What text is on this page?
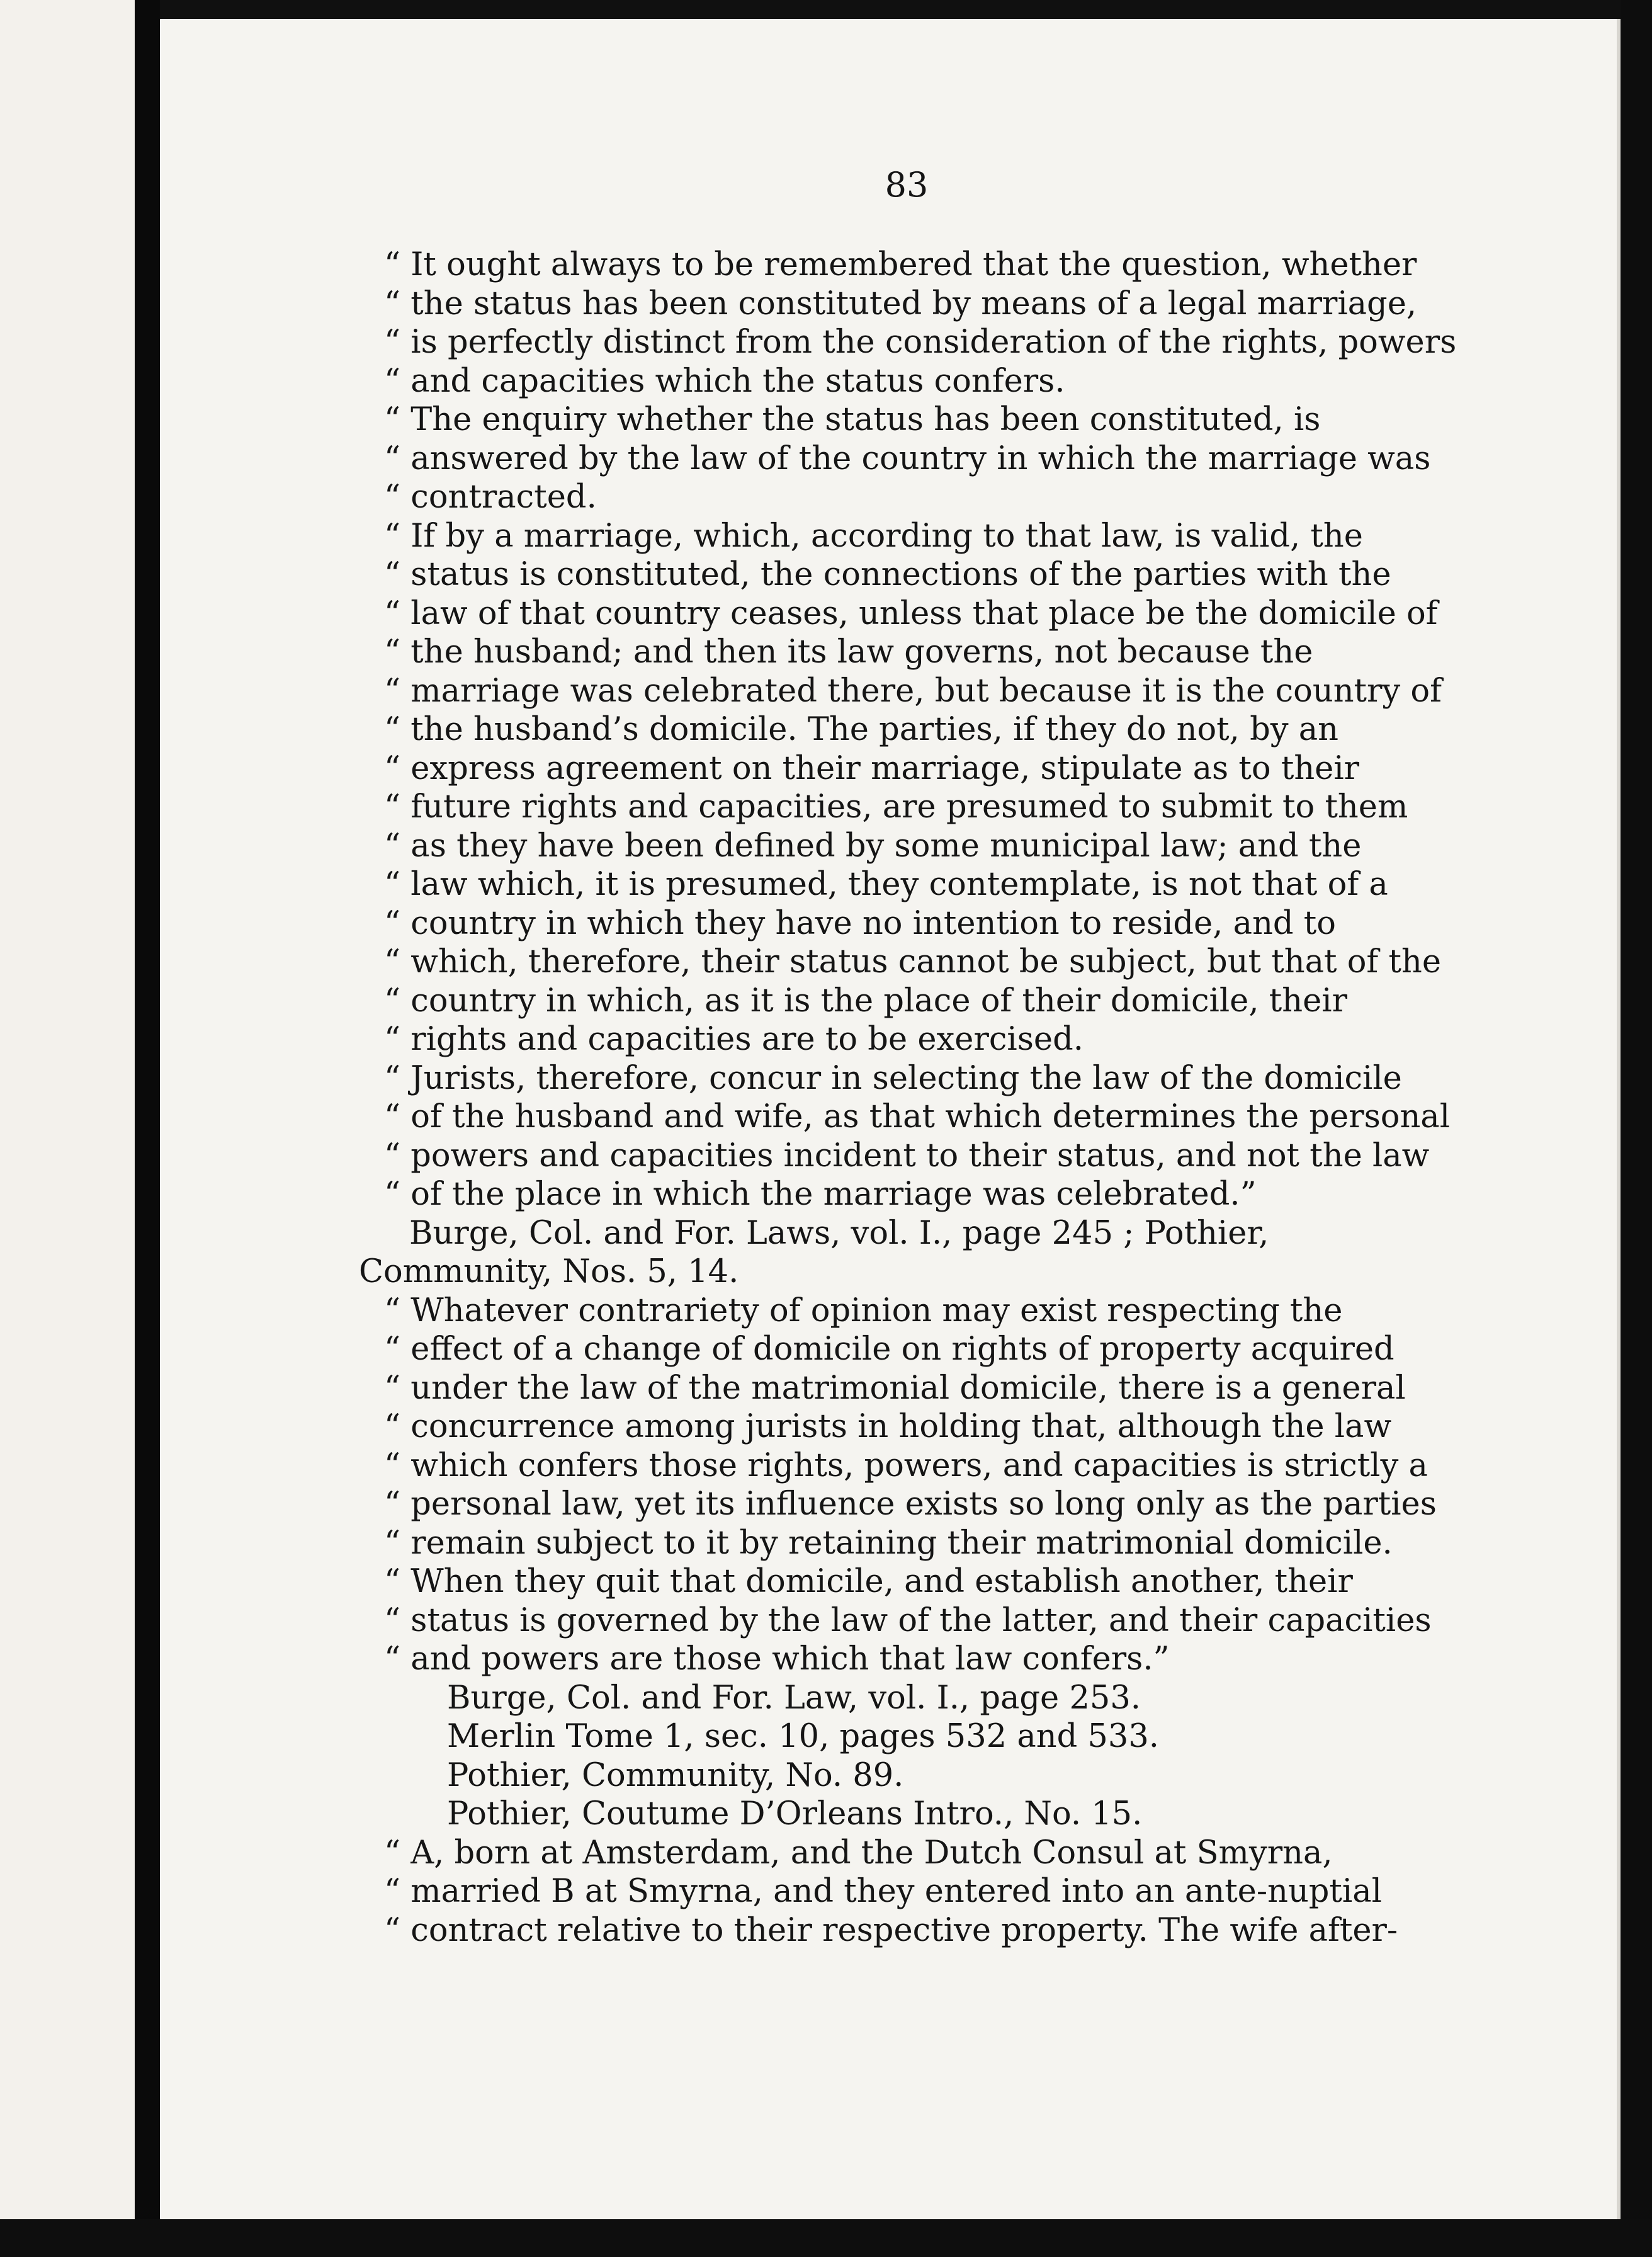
83
“ It ought always to be remembered that the question, whether
“ the status has been constituted by means of a legal marriage,
“ is perfectly distinct from the consideration of the rights, powers
“ and capacities which the status confers.
“ The enquiry whether the status has been constituted, is
“ answered by the law of the country in which the marriage was
“ contracted.
“ If by a marriage, which, according to that law, is valid, the
“ status is constituted, the connections of the parties with the
“ law of that country ceases, unless that place be the domicile of
“ the husband; and then its law governs, not because the
“ marriage was celebrated there, but because it is the country of
“ the husband’s domicile. The parties, if they do not, by an
“ express agreement on their marriage, stipulate as to their
“ future rights and capacities, are presumed to submit to them
“ as they have been defined by some municipal law; and the
“ law which, it is presumed, they contemplate, is not that of a
“ country in which they have no intention to reside, and to
“ which, therefore, their status cannot be subject, but that of the
“ country in which, as it is the place of their domicile, their
“ rights and capacities are to be exercised.
“ Jurists, therefore, concur in selecting the law of the domicile
“ of the husband and wife, as that which determines the personal
“ powers and capacities incident to their status, and not the law
“ of the place in which the marriage was celebrated.”
Burge, Col. and For. Laws, vol. I., page 245 ; Pothier,
Community, Nos. 5, 14.
“ Whatever contrariety of opinion may exist respecting the
“ effect of a change of domicile on rights of property acquired
“ under the law of the matrimonial domicile, there is a general
“ concurrence among jurists in holding that, although the law
“ which confers those rights, powers, and capacities is strictly a
“ personal law, yet its influence exists so long only as the parties
“ remain subject to it by retaining their matrimonial domicile.
“ When they quit that domicile, and establish another, their
“ status is governed by the law of the latter, and their capacities
“ and powers are those which that law confers.”
Burge, Col. and For. Law, vol. I., page 253.
Merlin Tome 1, sec. 10, pages 532 and 533.
Pothier, Community, No. 89.
Pothier, Coutume D’Orleans Intro., No. 15.
“ A, born at Amsterdam, and the Dutch Consul at Smyrna,
“ married B at Smyrna, and they entered into an ante-nuptial
“ contract relative to their respective property. The wife after-
